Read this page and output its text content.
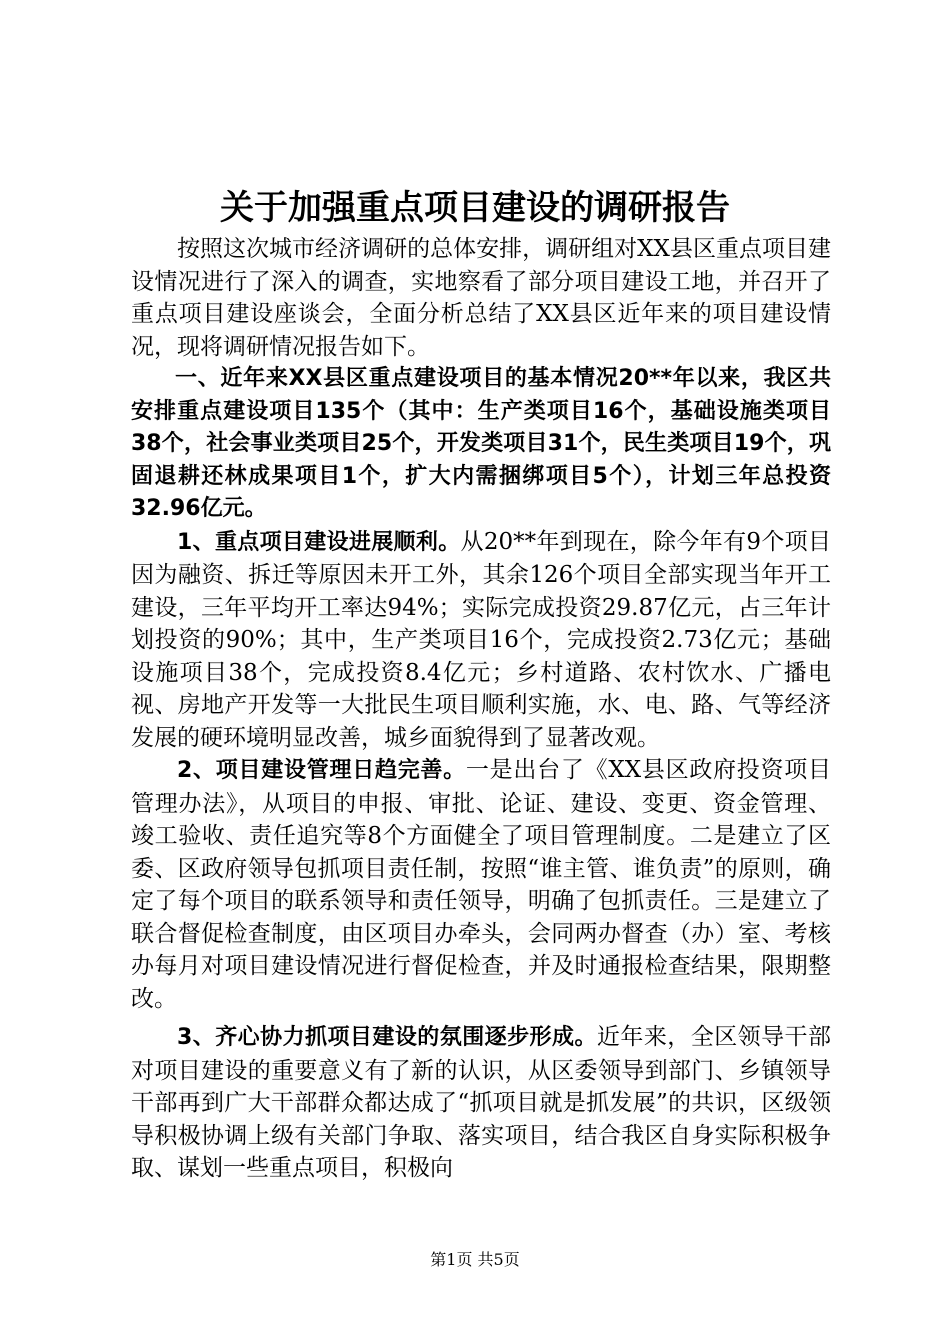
关于加强重点项目建设的调研报告

按照这次城市经济调研的总体安排，调研组对XX县区重点项目建设情况进行了深入的调查，实地察看了部分项目建设工地，并召开了重点项目建设座谈会，全面分析总结了XX县区近年来的项目建设情况，现将调研情况报告如下。

一、近年来XX县区重点建设项目的基本情况20**年以来，我区共安排重点建设项目135个（其中：生产类项目16个，基础设施类项目38个，社会事业类项目25个，开发类项目31个，民生类项目19个，巩固退耕还林成果项目1个，扩大内需捆绑项目5个），计划三年总投资32.96亿元。

1、重点项目建设进展顺利。从20**年到现在，除今年有9个项目因为融资、拆迁等原因未开工外，其余126个项目全部实现当年开工建设，三年平均开工率达94%；实际完成投资29.87亿元，占三年计划投资的90%；其中，生产类项目16个，完成投资2.73亿元；基础设施项目38个，完成投资8.4亿元；乡村道路、农村饮水、广播电视、房地产开发等一大批民生项目顺利实施，水、电、路、气等经济发展的硬环境明显改善，城乡面貌得到了显著改观。

2、项目建设管理日趋完善。一是出台了《XX县区政府投资项目管理办法》，从项目的申报、审批、论证、建设、变更、资金管理、竣工验收、责任追究等8个方面健全了项目管理制度。二是建立了区委、区政府领导包抓项目责任制，按照“谁主管、谁负责”的原则，确定了每个项目的联系领导和责任领导，明确了包抓责任。三是建立了联合督促检查制度，由区项目办牵头，会同两办督查（办）室、考核办每月对项目建设情况进行督促检查，并及时通报检查结果，限期整改。

3、齐心协力抓项目建设的氛围逐步形成。近年来，全区领导干部对项目建设的重要意义有了新的认识，从区委领导到部门、乡镇领导干部再到广大干部群众都达成了“抓项目就是抓发展”的共识，区级领导积极协调上级有关部门争取、落实项目，结合我区自身实际积极争取、谋划一些重点项目，积极向

第1页 共5页
